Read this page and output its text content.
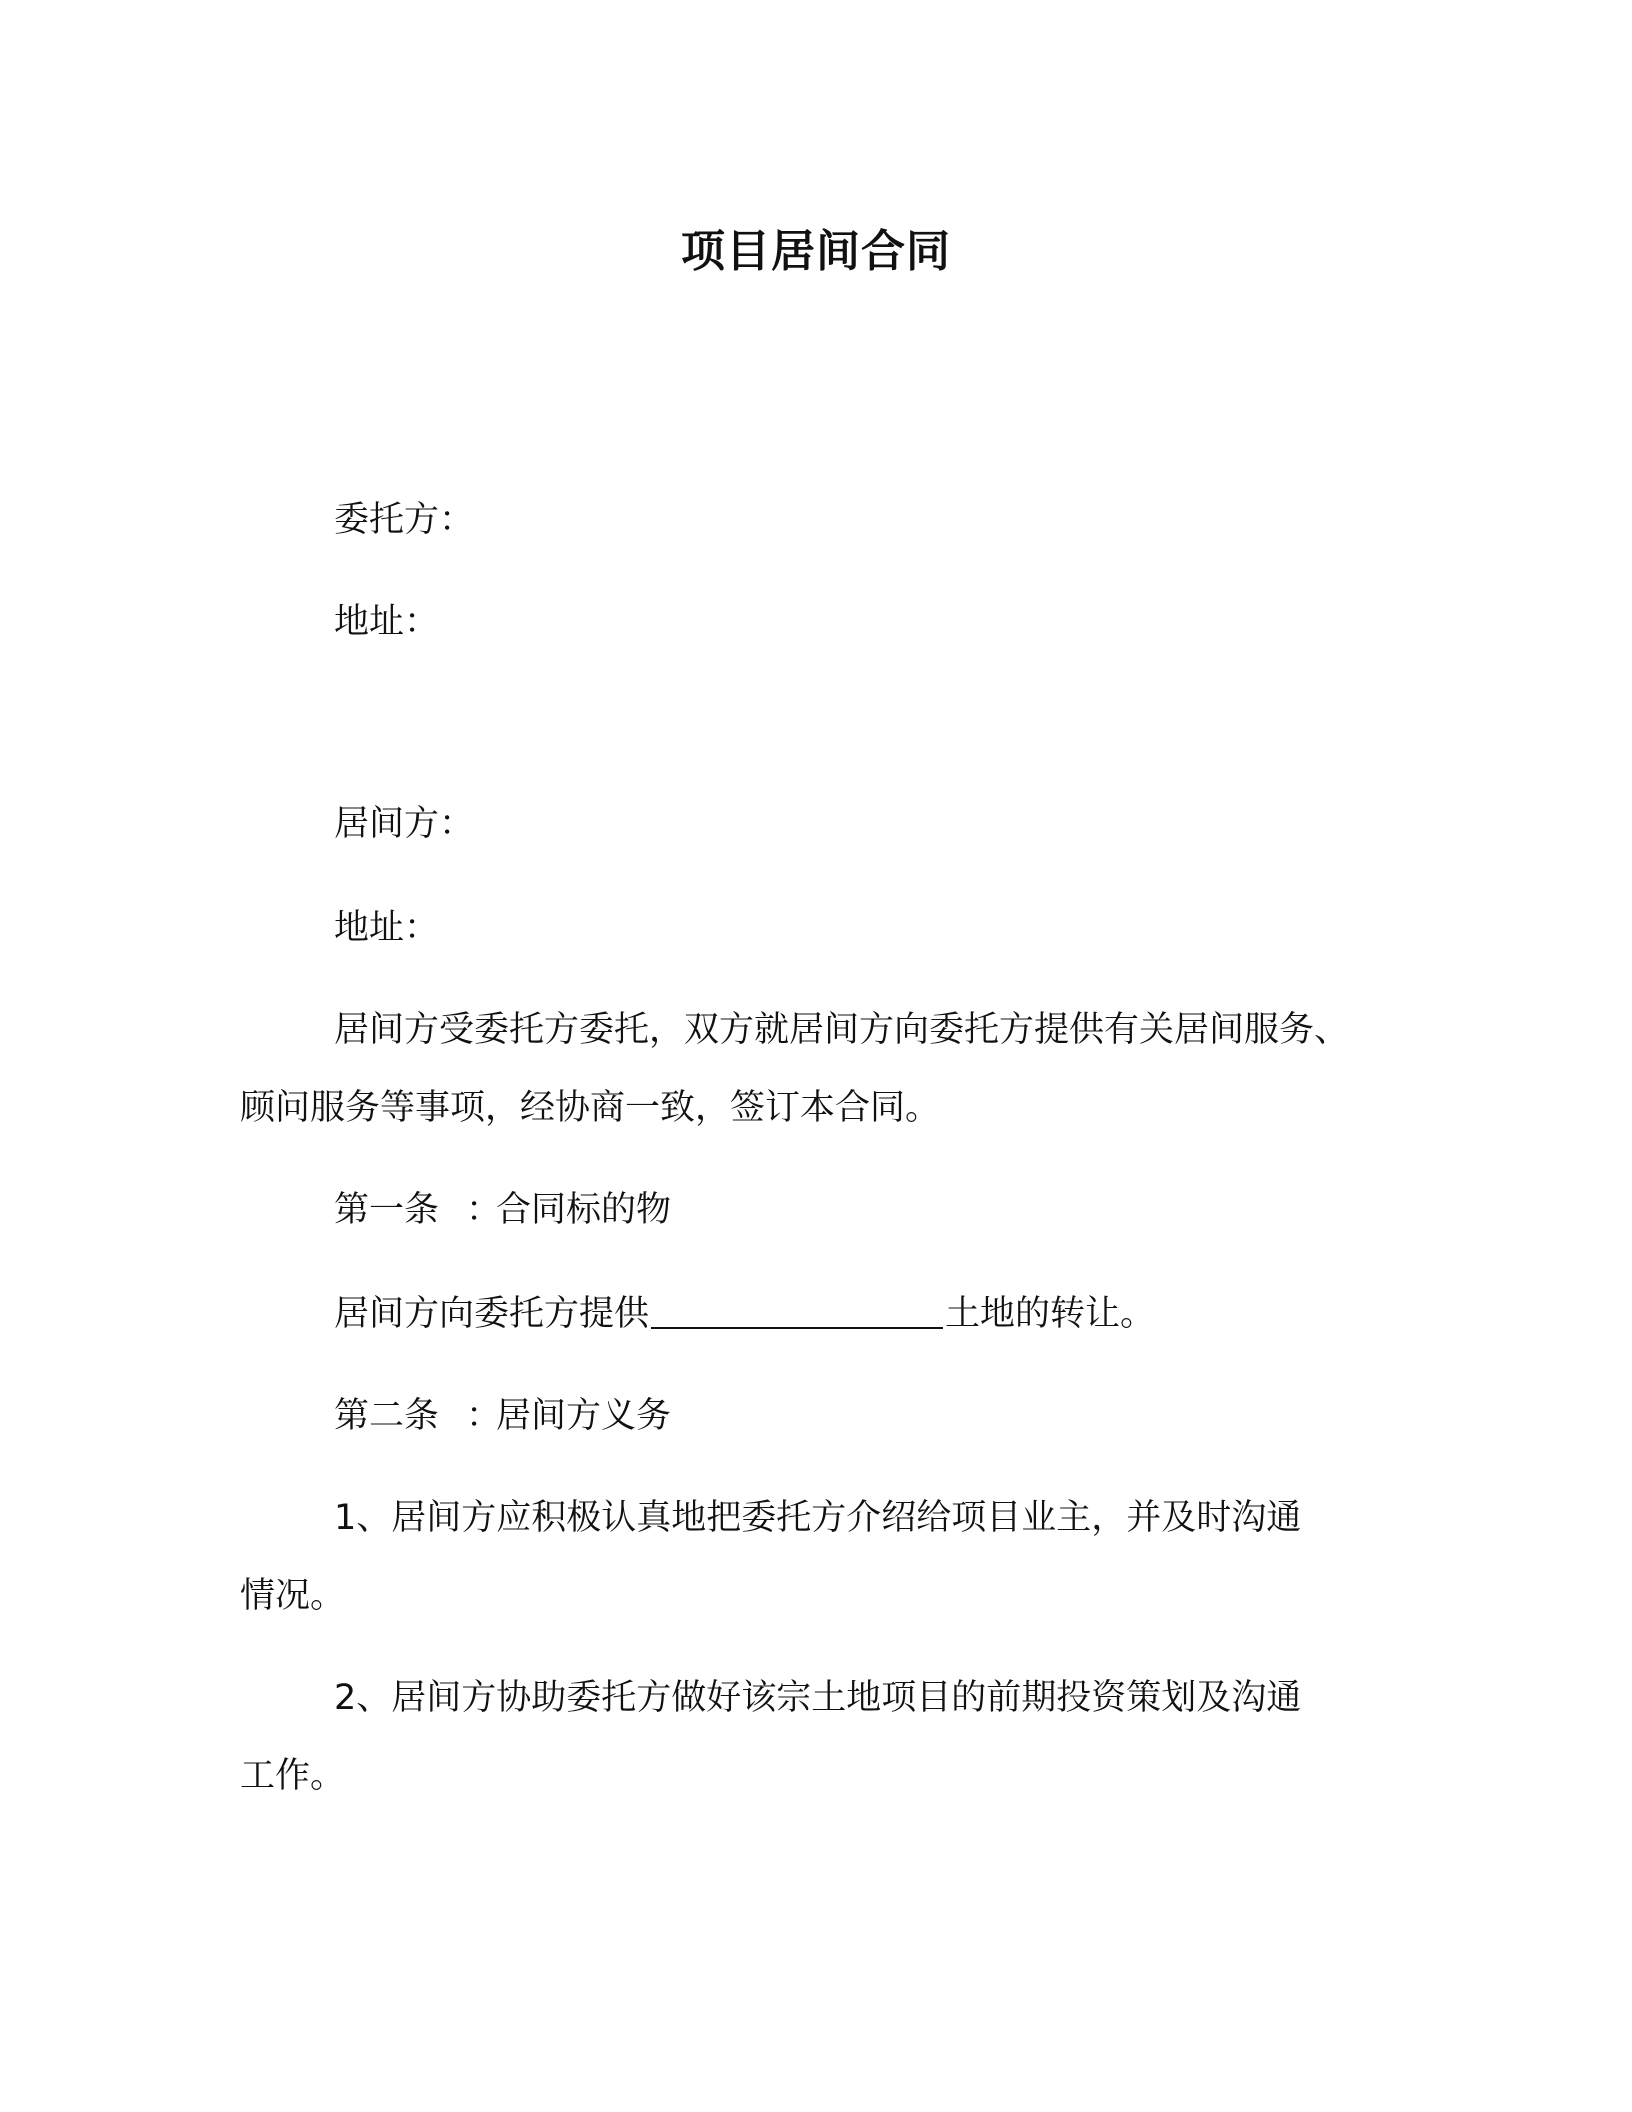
项目居间合同
委托方：
地址：
居间方：
地址：
居间方受委托方委托，双方就居间方向委托方提供有关居间服务、
顾问服务等事项，经协商一致，签订本合同。
第一条 ：合同标的物
居间方向委托方提供	土地的转让。
第二条 ：居间方义务
1、居间方应积极认真地把委托方介绍给项目业主，并及时沟通
情况。
2、居间方协助委托方做好该宗土地项目的前期投资策划及沟通
工作。
